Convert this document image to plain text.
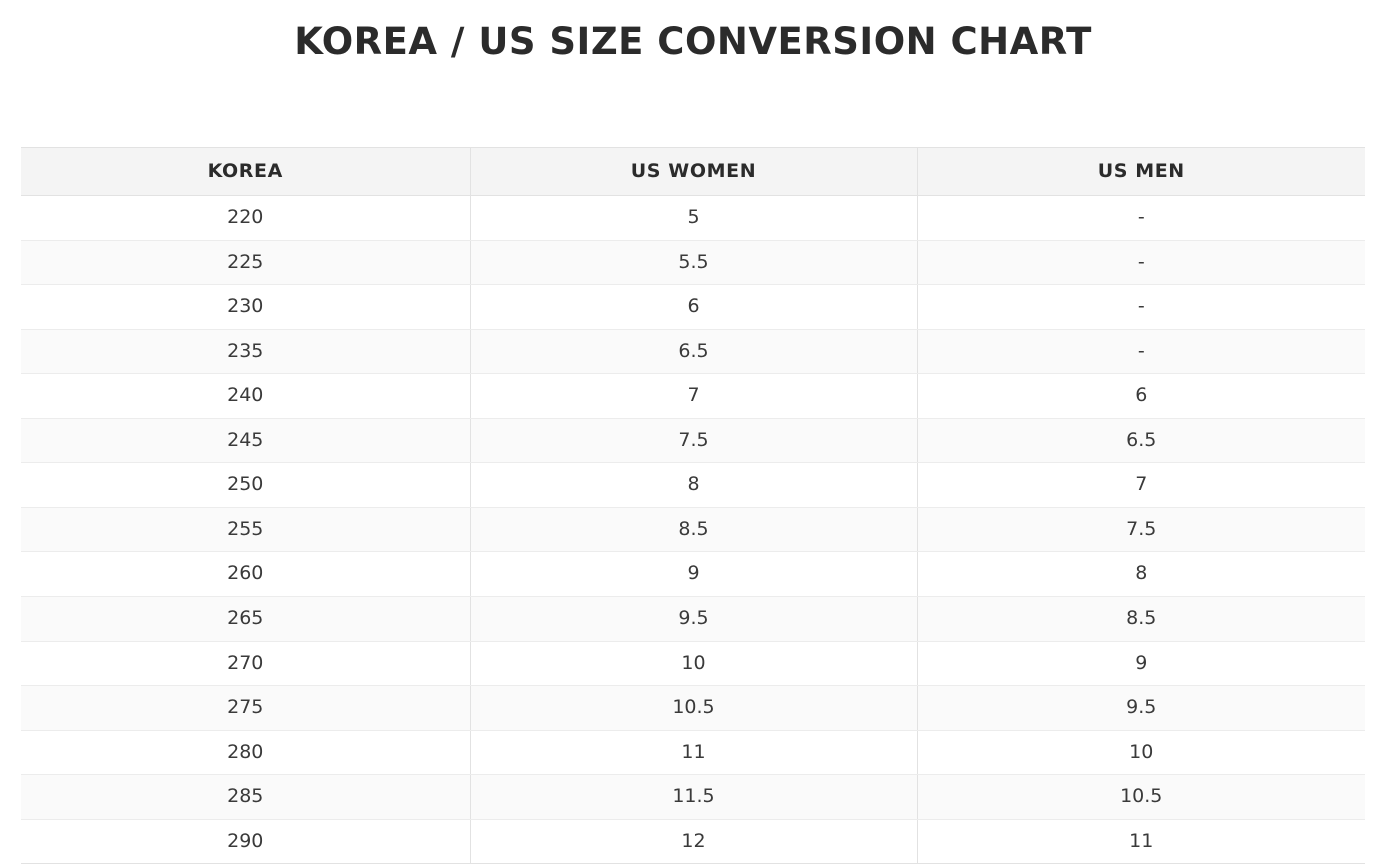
KOREA / US SIZE CONVERSION CHART
KOREA	US WOMEN	US MEN
220	5	-
225	5.5	-
230	6	-
235	6.5	-
240	7	6
245	7.5	6.5
250	8	7
255	8.5	7.5
260	9	8
265	9.5	8.5
270	10	9
275	10.5	9.5
280	11	10
285	11.5	10.5
290	12	11
